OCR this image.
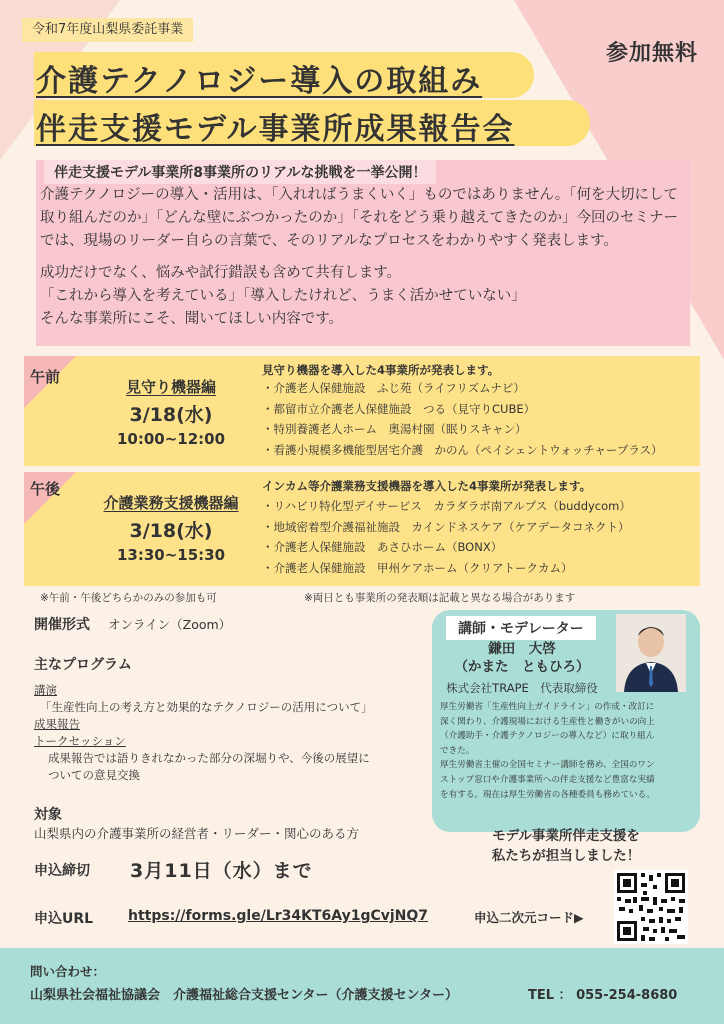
令和7年度山梨県委託事業
参加無料
介護テクノロジー導入の取組み
伴走支援モデル事業所成果報告会
伴走支援モデル事業所8事業所のリアルな挑戦を一挙公開！

介護テクノロジーの導入・活用は、「入れればうまくいく」ものではありません。「何を大切にして取り組んだのか」「どんな壁にぶつかったのか」「それをどう乗り越えてきたのか」今回のセミナーでは、現場のリーダー自らの言葉で、そのリアルなプロセスをわかりやすく発表します。

成功だけでなく、悩みや試行錯誤も含めて共有します。
「これから導入を考えている」「導入したけれど、うまく活かせていない」
そんな事業所にこそ、聞いてほしい内容です。
午前
見守り機器編
3/18(水)
10:00~12:00
見守り機器を導入した4事業所が発表します。
・介護老人保健施設　ふじ苑（ライフリズムナビ）
・都留市立介護老人保健施設　つる（見守りCUBE）
・特別養護老人ホーム　奥湯村園（眠りスキャン）
・看護小規模多機能型居宅介護　かのん（ペイシェントウォッチャープラス）
午後
介護業務支援機器編
3/18(水)
13:30~15:30
インカム等介護業務支援機器を導入した4事業所が発表します。
・リハビリ特化型デイサービス　カラダラボ南アルプス（buddycom）
・地域密着型介護福祉施設　カインドネスケア（ケアデータコネクト）
・介護老人保健施設　あさひホーム（BONX）
・介護老人保健施設　甲州ケアホーム（クリアトークカム）
※午前・午後どちらかのみの参加も可	※両日とも事業所の発表順は記載と異なる場合があります
開催形式 オンライン（Zoom）
主なプログラム
講演
「生産性向上の考え方と効果的なテクノロジーの活用について」
成果報告
トークセッション
成果報告では語りきれなかった部分の深堀りや、今後の展望に
ついての意見交換
対象
山梨県内の介護事業所の経営者・リーダー・関心のある方
申込締切 3月11日（水）まで
申込URL https://forms.gle/Lr34KT6Ay1gCvjNQ7	申込二次元コード▶
講師・モデレーター
鎌田　大啓
（かまた　ともひろ）
株式会社TRAPE　代表取締役
厚生労働省「生産性向上ガイドライン」の作成・改訂に
深く関わり、介護現場における生産性と働きがいの向上
（介護助手・介護テクノロジーの導入など）に取り組ん
できた。
厚生労働省主催の全国セミナー講師を務め、全国のワン
ストップ窓口や介護事業所への伴走支援など豊富な実績
を有する。現在は厚生労働省の各種委員も務めている。
モデル事業所伴走支援を
私たちが担当しました！
問い合わせ：
山梨県社会福祉協議会　介護福祉総合支援センター（介護支援センター）	TEL ： 055-254-8680
